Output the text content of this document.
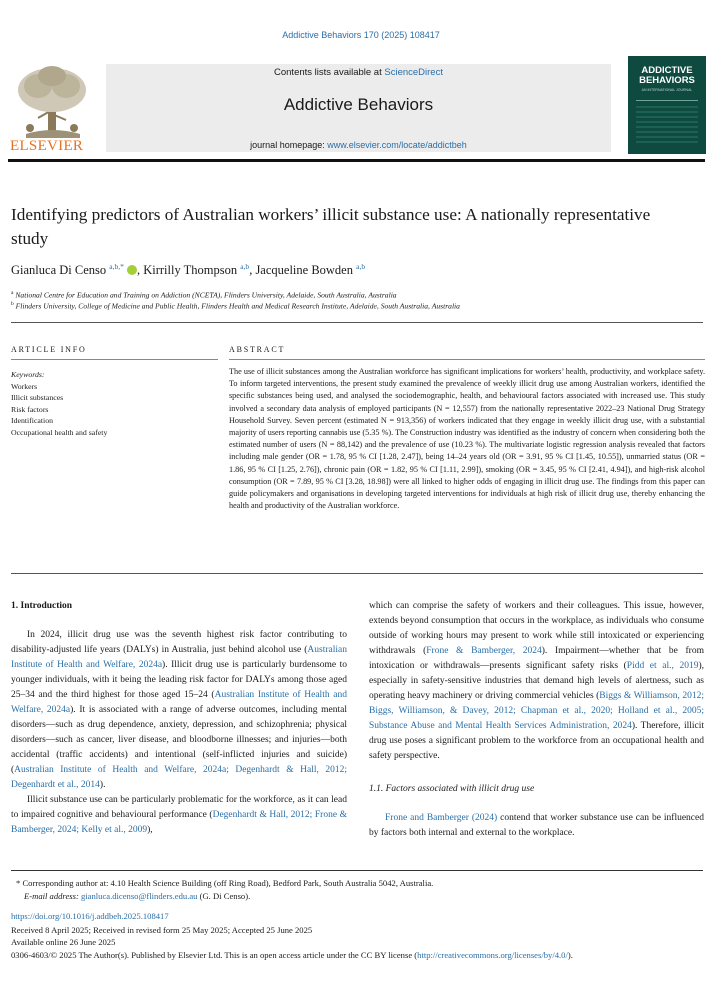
Addictive Behaviors 170 (2025) 108417
ELSEVIER
Contents lists available at ScienceDirect
Addictive Behaviors
journal homepage: www.elsevier.com/locate/addictbeh
ADDICTIVE
BEHAVIORS
AN INTERNATIONAL JOURNAL
Identifying predictors of Australian workers’ illicit substance use: A nationally representative study
Gianluca Di Censo $^{a,b,*}$ , Kirrilly Thompson $^{a,b}$, Jacqueline Bowden $^{a,b}$
$^a$ National Centre for Education and Training on Addiction (NCETA), Flinders University, Adelaide, South Australia, Australia
$^b$ Flinders University, College of Medicine and Public Health, Flinders Health and Medical Research Institute, Adelaide, South Australia, Australia
ARTICLE INFO	ABSTRACT
Keywords:
Workers
Illicit substances
Risk factors
Identification
Occupational health and safety
The use of illicit substances among the Australian workforce has significant implications for workers’ health, productivity, and workplace safety. To inform targeted interventions, the present study examined the prevalence of weekly illicit drug use among Australian workers, identified the specific substances being used, and analysed the sociodemographic, health, and behavioural factors associated with increased use. This study involved a secondary data analysis of employed participants (N = 12,557) from the nationally representative 2022–23 National Drug Strategy Household Survey. Seven percent (estimated N = 913,356) of workers indicated that they engage in weekly illicit drug use, with a substantial majority of users reporting cannabis use (5.35 %). The Construction industry was identified as the industry of concern when considering both the estimated number of users (N = 88,142) and the prevalence of use (10.23 %). The multivariate logistic regression analysis revealed that factors including male gender (OR = 1.78, 95 % CI [1.28, 2.47]), being 14–24 years old (OR = 3.91, 95 % CI [1.45, 10.55]), unmarried status (OR = 1.86, 95 % CI [1.25, 2.76]), chronic pain (OR = 1.82, 95 % CI [1.11, 2.99]), smoking (OR = 3.45, 95 % CI [2.41, 4.94]), and high-risk alcohol consumption (OR = 7.89, 95 % CI [3.28, 18.98]) were all linked to higher odds of engaging in illicit drug use. The findings from this paper can guide policymakers and organisations in developing targeted interventions for individuals at high risk of illicit drug use, thereby enhancing the health and productivity of the Australian workforce.
1. Introduction
In 2024, illicit drug use was the seventh highest risk factor contributing to disability-adjusted life years (DALYs) in Australia, just behind alcohol use (Australian Institute of Health and Welfare, 2024a). Illicit drug use is particularly burdensome to younger individuals, with it being the leading risk factor for DALYs among those aged 25–34 and the third highest for those aged 15–24 (Australian Institute of Health and Welfare, 2024a). It is associated with a range of adverse outcomes, including mental disorders—such as drug dependence, anxiety, depression, and schizophrenia; physical disorders—such as cancer, liver disease, and bloodborne illnesses; and injuries—both accidental (traffic accidents) and intentional (self-inflicted injuries and suicide) (Australian Institute of Health and Welfare, 2024a; Degenhardt & Hall, 2012; Degenhardt et al., 2014).
Illicit substance use can be particularly problematic for the workforce, as it can lead to impaired cognitive and behavioural performance (Degenhardt & Hall, 2012; Frone & Bamberger, 2024; Kelly et al., 2009),
which can comprise the safety of workers and their colleagues. This issue, however, extends beyond consumption that occurs in the workplace, as individuals who consume outside of working hours may present to work while still intoxicated or experiencing withdrawals (Frone & Bamberger, 2024). Impairment—whether that be from intoxication or withdrawals—presents significant safety risks (Pidd et al., 2019), especially in safety-sensitive industries that demand high levels of alertness, such as operating heavy machinery or driving commercial vehicles (Biggs & Williamson, 2012; Biggs, Williamson, & Davey, 2012; Chapman et al., 2020; Holland et al., 2005; Substance Abuse and Mental Health Services Administration, 2024). Therefore, illicit drug use poses a significant problem to the workforce from an occupational health and safety perspective.
1.1. Factors associated with illicit drug use
Frone and Bamberger (2024) contend that worker substance use can be influenced by factors both internal and external to the workplace.
* Corresponding author at: 4.10 Health Science Building (off Ring Road), Bedford Park, South Australia 5042, Australia.
E-mail address: gianluca.dicenso@flinders.edu.au (G. Di Censo).
https://doi.org/10.1016/j.addbeh.2025.108417
Received 8 April 2025; Received in revised form 25 May 2025; Accepted 25 June 2025
Available online 26 June 2025
0306-4603/© 2025 The Author(s). Published by Elsevier Ltd. This is an open access article under the CC BY license (http://creativecommons.org/licenses/by/4.0/).
